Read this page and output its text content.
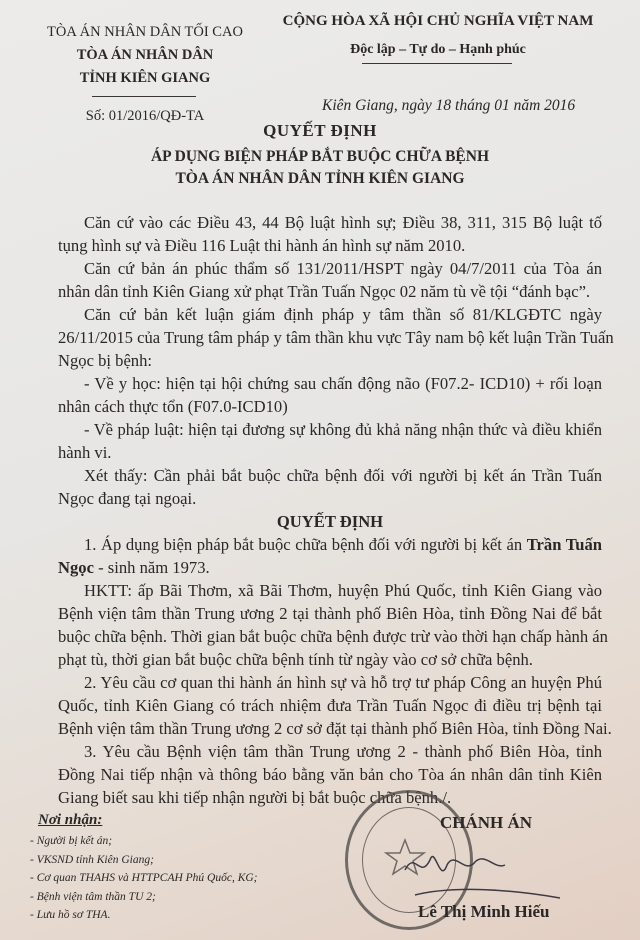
TÒA ÁN NHÂN DÂN TỐI CAO
TÒA ÁN NHÂN DÂN
TỈNH KIÊN GIANG
Số: 01/2016/QĐ-TA
CỘNG HÒA XÃ HỘI CHỦ NGHĨA VIỆT NAM
Độc lập – Tự do – Hạnh phúc
Kiên Giang, ngày 18 tháng 01 năm 2016
QUYẾT ĐỊNH
ÁP DỤNG BIỆN PHÁP BẮT BUỘC CHỮA BỆNH
TÒA ÁN NHÂN DÂN TỈNH KIÊN GIANG
Căn cứ vào các Điều 43, 44 Bộ luật hình sự; Điều 38, 311, 315 Bộ luật tố
tụng hình sự và Điều 116 Luật thi hành án hình sự năm 2010.
Căn cứ bản án phúc thẩm số 131/2011/HSPT ngày 04/7/2011 của Tòa án
nhân dân tỉnh Kiên Giang xử phạt Trần Tuấn Ngọc 02 năm tù về tội “đánh bạc”.
Căn cứ bản kết luận giám định pháp y tâm thần số 81/KLGĐTC ngày
26/11/2015 của Trung tâm pháp y tâm thần khu vực Tây nam bộ kết luận Trần Tuấn
Ngọc bị bệnh:
- Về y học: hiện tại hội chứng sau chấn động não (F07.2- ICD10) + rối loạn
nhân cách thực tổn (F07.0-ICD10)
- Về pháp luật: hiện tại đương sự không đủ khả năng nhận thức và điều khiển
hành vi.
Xét thấy: Cần phải bắt buộc chữa bệnh đối với người bị kết án Trần Tuấn
Ngọc đang tại ngoại.
QUYẾT ĐỊNH
1. Áp dụng biện pháp bắt buộc chữa bệnh đối với người bị kết án Trần Tuấn
Ngọc - sinh năm 1973.
HKTT: ấp Bãi Thơm, xã Bãi Thơm, huyện Phú Quốc, tỉnh Kiên Giang vào
Bệnh viện tâm thần Trung ương 2 tại thành phố Biên Hòa, tỉnh Đồng Nai để bắt
buộc chữa bệnh. Thời gian bắt buộc chữa bệnh được trừ vào thời hạn chấp hành án
phạt tù, thời gian bắt buộc chữa bệnh tính từ ngày vào cơ sở chữa bệnh.
2. Yêu cầu cơ quan thi hành án hình sự và hỗ trợ tư pháp Công an huyện Phú
Quốc, tỉnh Kiên Giang có trách nhiệm đưa Trần Tuấn Ngọc đi điều trị bệnh tại
Bệnh viện tâm thần Trung ương 2 cơ sở đặt tại thành phố Biên Hòa, tỉnh Đồng Nai.
3. Yêu cầu Bệnh viện tâm thần Trung ương 2 - thành phố Biên Hòa, tỉnh
Đồng Nai tiếp nhận và thông báo bằng văn bản cho Tòa án nhân dân tỉnh Kiên
Giang biết sau khi tiếp nhận người bị bắt buộc chữa bệnh./.
Nơi nhận:
- Người bị kết án;
- VKSND tỉnh Kiên Giang;
- Cơ quan THAHS và HTTPCAH Phú Quốc, KG;
- Bệnh viện tâm thần TU 2;
- Lưu hồ sơ THA.
CHÁNH ÁN
Lê Thị Minh Hiếu
